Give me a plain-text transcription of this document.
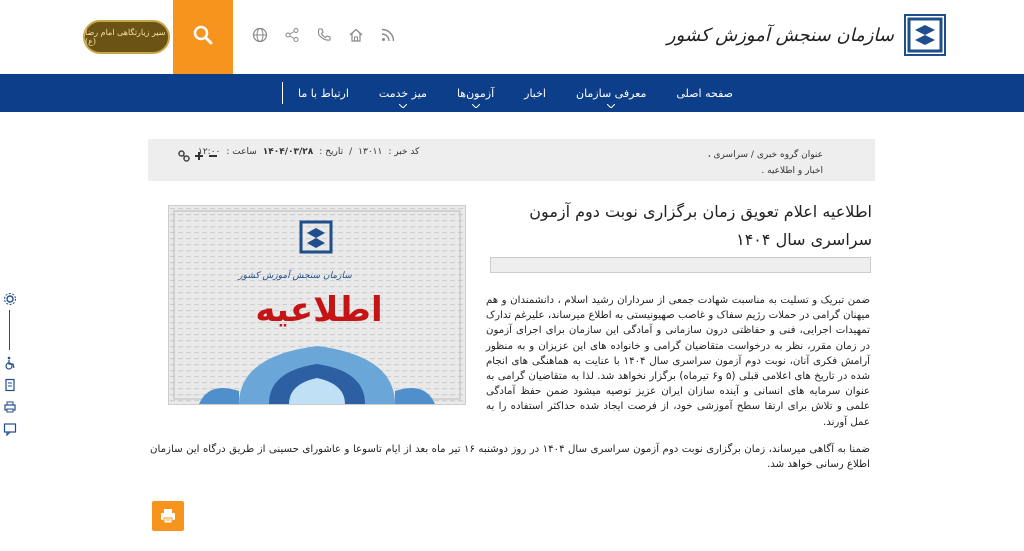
سازمان سنجش آموزش کشور
سیر زیارتگاهی امام رضا (ع)
صفحه اصلی
معرفی سازمان
اخبار
آزمون‌ها
میز خدمت
ارتباط با ما
عنوان گروه خبری / سراسری ،
اخبار و اطلاعیه .
کد خبر :
۱۳۰۱۱
/
تاریخ :
۱۴۰۴/۰۳/۲۸
ساعت :
۱۲:۰۰
سازمان سنجش آموزش کشور
اطلاعیه
اطلاعیه اعلام تعویق زمان برگزاری نوبت دوم آزمون سراسری سال ۱۴۰۴

ضمن تبریک و تسلیت به مناسبت شهادت جمعی از سرداران رشید اسلام ، دانشمندان و هم میهنان گرامی در حملات رژیم سفاک و غاصب صهیونیستی به اطلاع میرساند، علیرغم تدارک تمهیدات اجرایی، فنی و حفاظتی درون سازمانی و آمادگی این سازمان برای اجرای آزمون در زمان مقرر، نظر به درخواست متقاضیان گرامی و خانواده های این عزیزان و به منظور آرامش فکری آنان، نوبت دوم آزمون سراسری سال ۱۴۰۴ با عنایت به هماهنگی های انجام شده در تاریخ های اعلامی قبلی (۵ و۶ تیرماه) برگزار نخواهد شد. لذا به متقاضیان گرامی به عنوان سرمایه های انسانی و آینده سازان ایران عزیز توصیه میشود ضمن حفظ آمادگی علمی و تلاش برای ارتقا سطح آموزشی خود، از فرصت ایجاد شده حداکثر استفاده را به عمل آورند.

ضمنا به آگاهی میرساند، زمان برگزاری نوبت دوم آزمون سراسری سال ۱۴۰۴ در روز دوشنبه ۱۶ تیر ماه بعد از ایام تاسوعا و عاشورای حسینی از طریق درگاه این سازمان اطلاع رسانی خواهد شد.
